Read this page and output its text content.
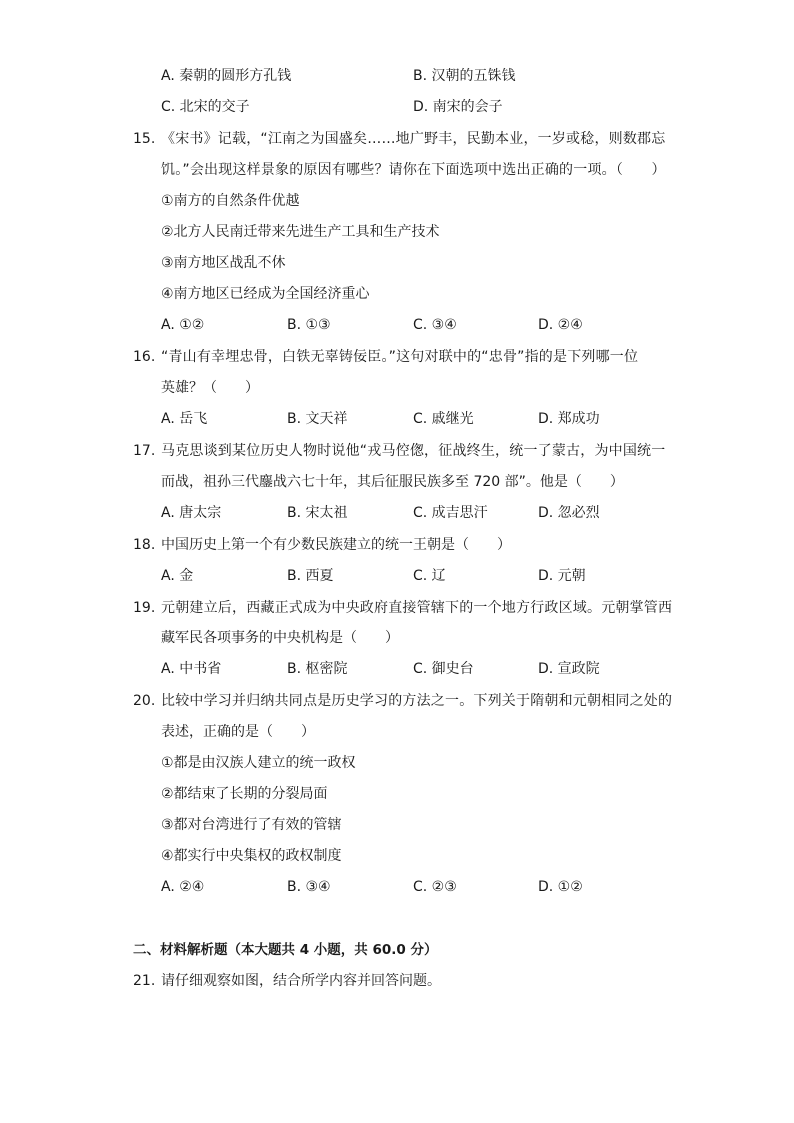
A. 秦朝的圆形方孔钱	B. 汉朝的五铢钱
C. 北宋的交子	D. 南宋的会子
15. 《宋书》记载，“江南之为国盛矣……地广野丰，民勤本业，一岁或稔，则数郡忘
饥。”会出现这样景象的原因有哪些？请你在下面选项中选出正确的一项。（　　）
①南方的自然条件优越
②北方人民南迁带来先进生产工具和生产技术
③南方地区战乱不休
④南方地区已经成为全国经济重心
A. ①②	B. ①③	C. ③④	D. ②④
16. “青山有幸埋忠骨，白铁无辜铸佞臣。”这句对联中的“忠骨”指的是下列哪一位
英雄？（　　）
A. 岳飞	B. 文天祥	C. 戚继光	D. 郑成功
17. 马克思谈到某位历史人物时说他“戎马倥偬，征战终生，统一了蒙古，为中国统一
而战，祖孙三代鏖战六七十年，其后征服民族多至 720 部”。他是（　　）
A. 唐太宗	B. 宋太祖	C. 成吉思汗	D. 忽必烈
18. 中国历史上第一个有少数民族建立的统一王朝是（　　）
A. 金	B. 西夏	C. 辽	D. 元朝
19. 元朝建立后，西藏正式成为中央政府直接管辖下的一个地方行政区域。元朝掌管西
藏军民各项事务的中央机构是（　　）
A. 中书省	B. 枢密院	C. 御史台	D. 宣政院
20. 比较中学习并归纳共同点是历史学习的方法之一。下列关于隋朝和元朝相同之处的
表述，正确的是（　　）
①都是由汉族人建立的统一政权
②都结束了长期的分裂局面
③都对台湾进行了有效的管辖
④都实行中央集权的政权制度
A. ②④	B. ③④	C. ②③	D. ①②
二、材料解析题（本大题共 4 小题，共 60.0 分）
21. 请仔细观察如图，结合所学内容并回答问题。
